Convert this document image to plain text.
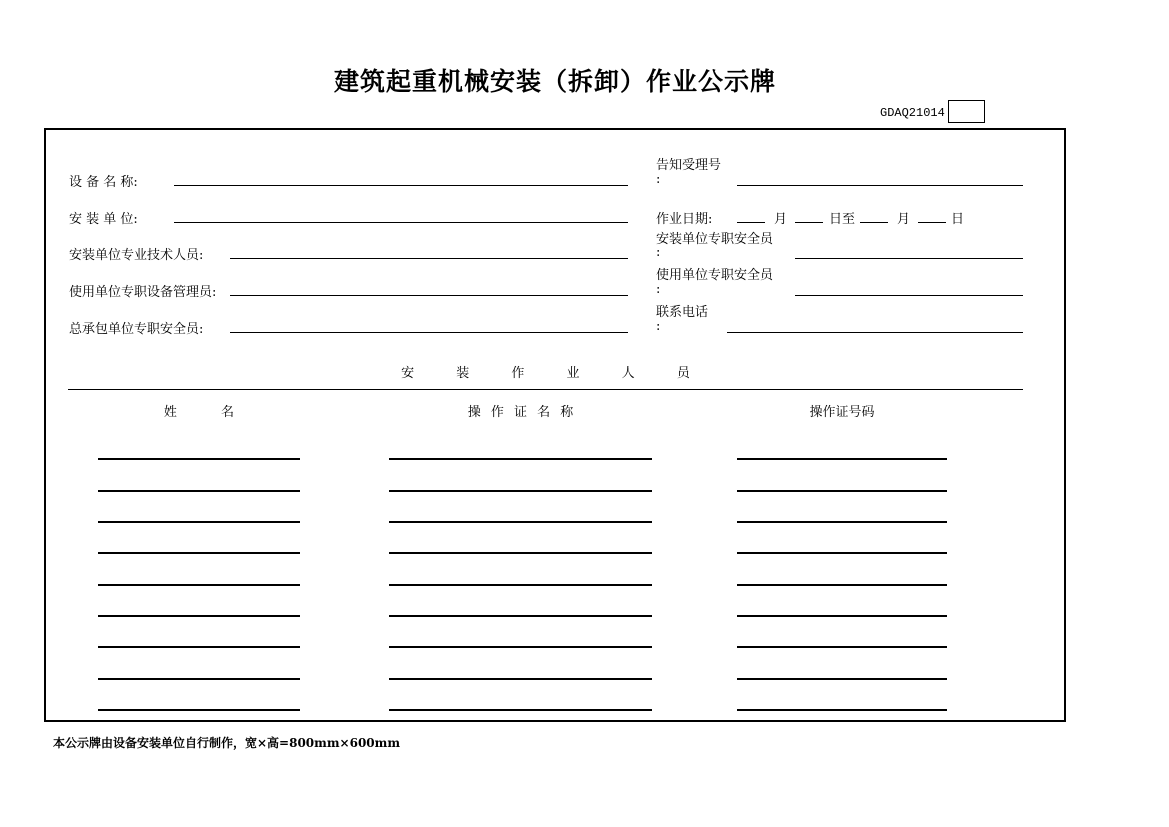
建筑起重机械安装（拆卸）作业公示牌
GDAQ21014
设 备 名 称:
安 装 单 位:
安装单位专业技术人员:
使用单位专职设备管理员:
总承包单位专职安全员:
告知受理号
:
作业日期:	月	日至	月	日
安装单位专职安全员
:
使用单位专职安全员
:
联系电话
:
安 装 作 业 人 员
姓 名	操 作 证 名 称	操作证号码
本公示牌由设备安装单位自行制作，宽×高=800mm×600mm
